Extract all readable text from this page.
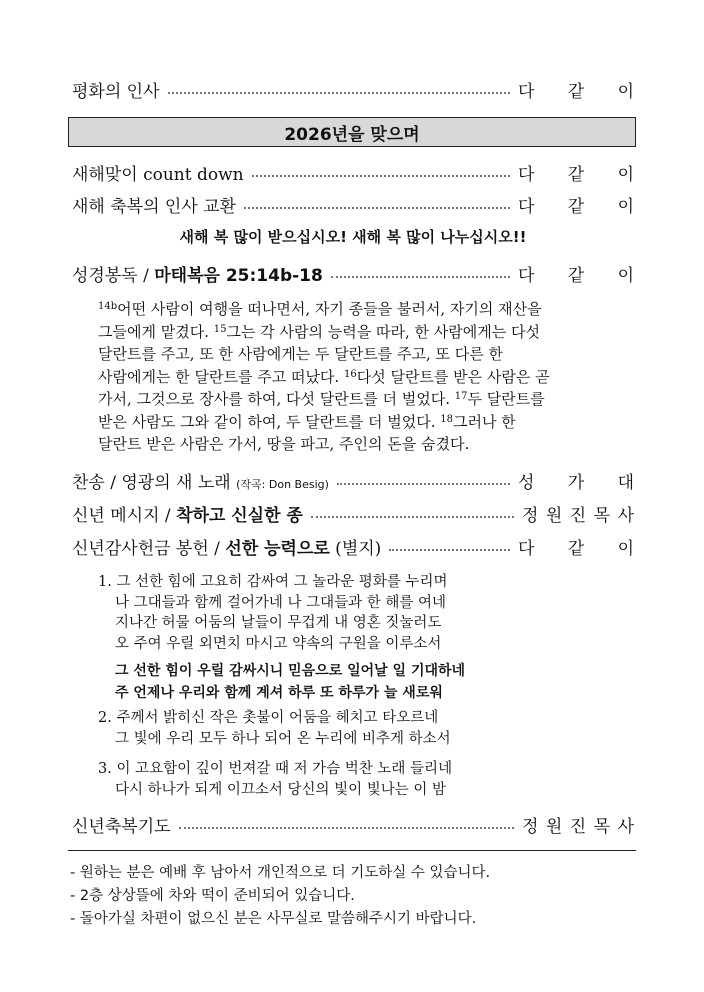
평화의 인사	다 같 이
2026년을 맞으며
새해맞이 count down	다 같 이
새해 축복의 인사 교환	다 같 이
새해 복 많이 받으십시오! 새해 복 많이 나누십시오!!
성경봉독 / 마태복음 25:14b-18	다 같 이
$^{14b}$어떤 사람이 여행을 떠나면서, 자기 종들을 불러서, 자기의 재산을
그들에게 맡겼다. $^{15}$그는 각 사람의 능력을 따라, 한 사람에게는 다섯
달란트를 주고, 또 한 사람에게는 두 달란트를 주고, 또 다른 한
사람에게는 한 달란트를 주고 떠났다. $^{16}$다섯 달란트를 받은 사람은 곧
가서, 그것으로 장사를 하여, 다섯 달란트를 더 벌었다. $^{17}$두 달란트를
받은 사람도 그와 같이 하여, 두 달란트를 더 벌었다. $^{18}$그러나 한
달란트 받은 사람은 가서, 땅을 파고, 주인의 돈을 숨겼다.
찬송 / 영광의 새 노래 (작곡: Don Besig)	성 가 대
신년 메시지 / 착하고 신실한 종	정 원 진 목 사
신년감사헌금 봉헌 / 선한 능력으로 (별지)	다 같 이
1. 그 선한 힘에 고요히 감싸여 그 놀라운 평화를 누리며
나 그대들과 함께 걸어가네 나 그대들과 한 해를 여네
지나간 허물 어둠의 날들이 무겁게 내 영혼 짓눌러도
오 주여 우릴 외면치 마시고 약속의 구원을 이루소서
그 선한 힘이 우릴 감싸시니 믿음으로 일어날 일 기대하네
주 언제나 우리와 함께 계셔 하루 또 하루가 늘 새로워
2. 주께서 밝히신 작은 촛불이 어둠을 헤치고 타오르네
그 빛에 우리 모두 하나 되어 온 누리에 비추게 하소서
3. 이 고요함이 깊이 번져갈 때 저 가슴 벅찬 노래 들리네
다시 하나가 되게 이끄소서 당신의 빛이 빛나는 이 밤
신년축복기도	정 원 진 목 사
- 원하는 분은 예배 후 남아서 개인적으로 더 기도하실 수 있습니다.
- 2층 상상뜰에 차와 떡이 준비되어 있습니다.
- 돌아가실 차편이 없으신 분은 사무실로 말씀해주시기 바랍니다.
